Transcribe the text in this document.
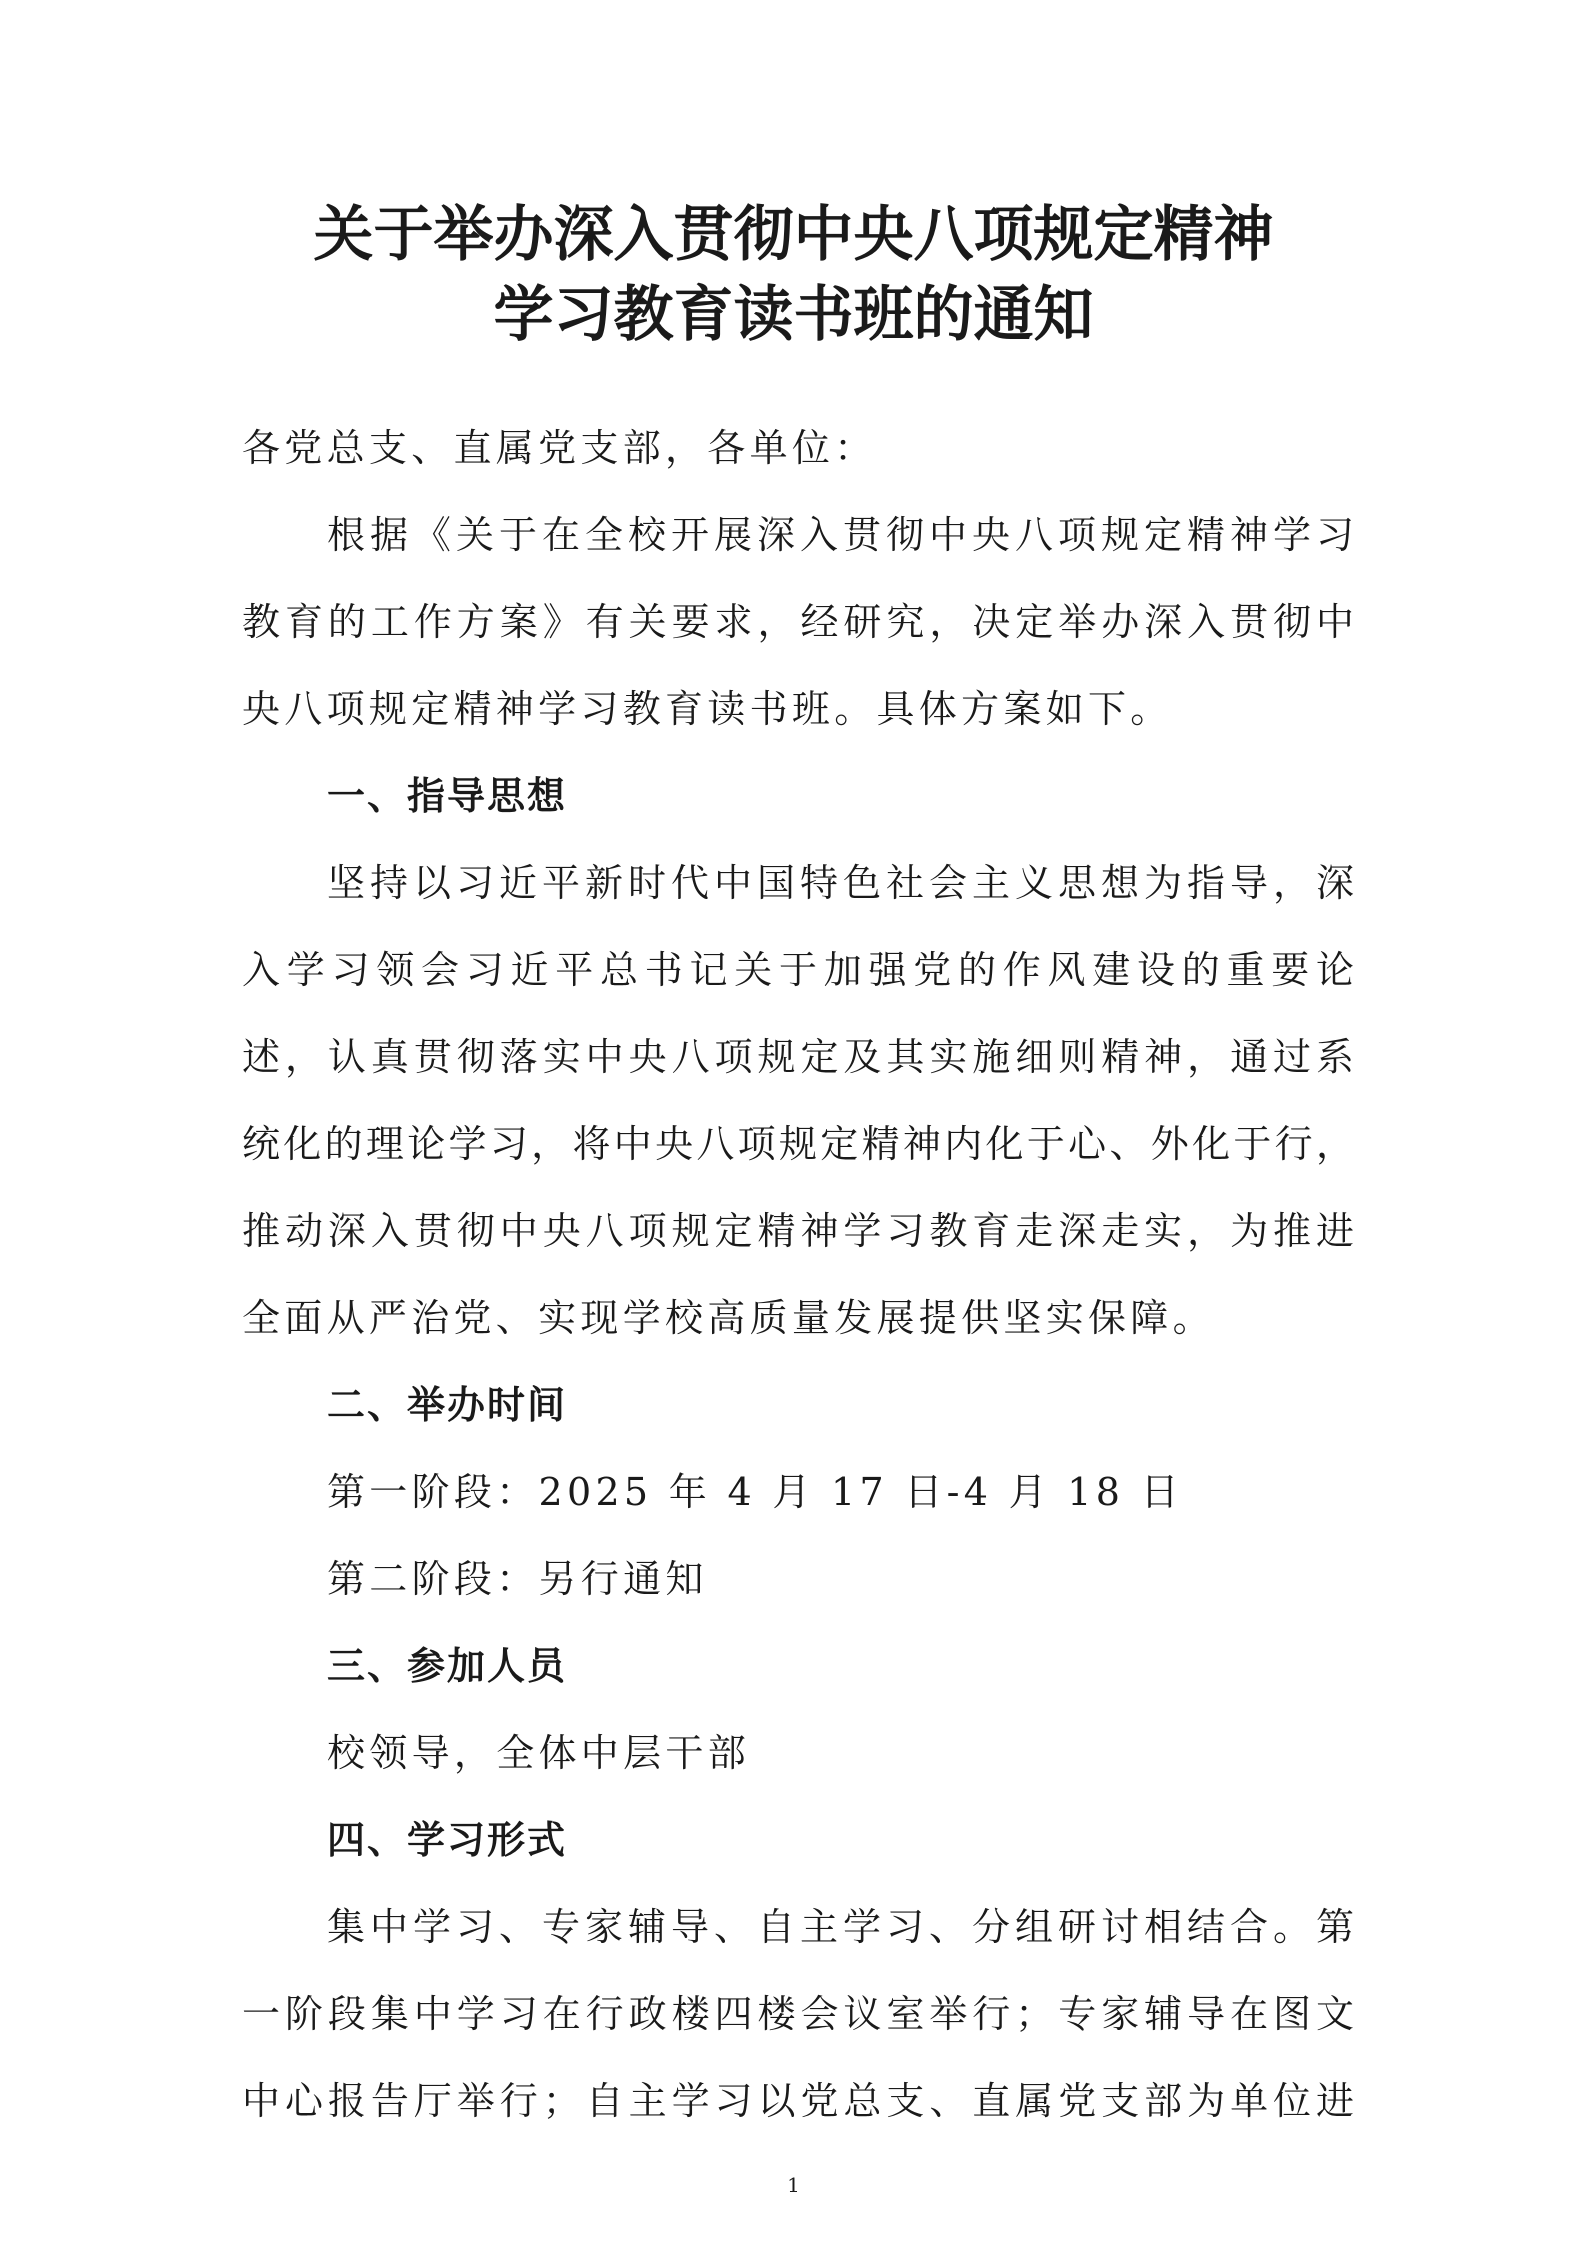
关于举办深入贯彻中央八项规定精神
学习教育读书班的通知

各党总支、直属党支部，各单位：

根据《关于在全校开展深入贯彻中央八项规定精神学习

教育的工作方案》有关要求，经研究，决定举办深入贯彻中

央八项规定精神学习教育读书班。具体方案如下。

一、指导思想

坚持以习近平新时代中国特色社会主义思想为指导，深

入学习领会习近平总书记关于加强党的作风建设的重要论

述，认真贯彻落实中央八项规定及其实施细则精神，通过系

统化的理论学习，将中央八项规定精神内化于心、外化于行，

推动深入贯彻中央八项规定精神学习教育走深走实，为推进

全面从严治党、实现学校高质量发展提供坚实保障。

二、举办时间

第一阶段：2025 年 4 月 17 日-4 月 18 日

第二阶段：另行通知

三、参加人员

校领导，全体中层干部

四、学习形式

集中学习、专家辅导、自主学习、分组研讨相结合。第

一阶段集中学习在行政楼四楼会议室举行；专家辅导在图文

中心报告厅举行；自主学习以党总支、直属党支部为单位进

1
